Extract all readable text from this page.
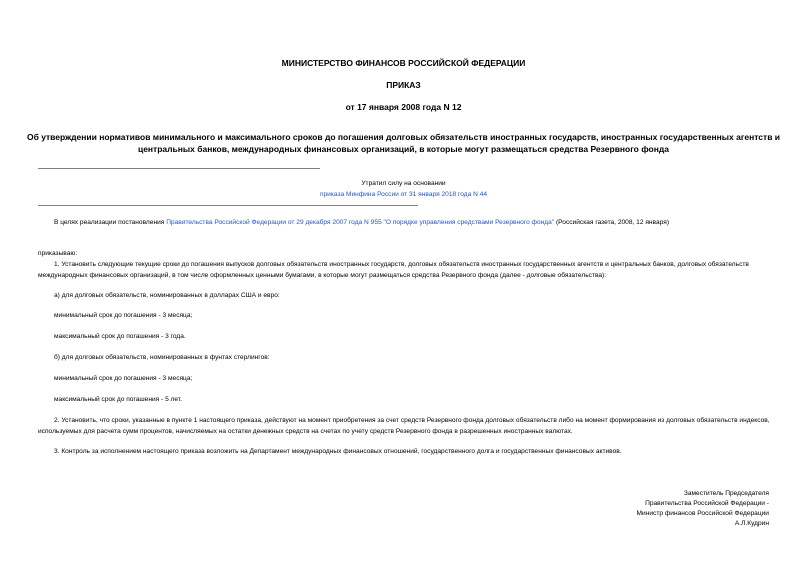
МИНИСТЕРСТВО ФИНАНСОВ РОССИЙСКОЙ ФЕДЕРАЦИИ
ПРИКАЗ
от 17 января 2008 года N 12
Об утверждении нормативов минимального и максимального сроков до погашения долговых обязательств иностранных государств, иностранных государственных агентств и центральных банков, международных финансовых организаций, в которые могут размещаться средства Резервного фонда
Утратил силу на основании
приказа Минфина России от 31 января 2018 года N 44
В целях реализации постановления Правительства Российской Федерации от 29 декабря 2007 года N 955 "О порядке управления средствами Резервного фонда" (Российская газета, 2008, 12 января)
приказываю:
1. Установить следующие текущие сроки до погашения выпусков долговых обязательств иностранных государств, долговых обязательств иностранных государственных агентств и центральных банков, долговых обязательств международных финансовых организаций, в том числе оформленных ценными бумагами, в которые могут размещаться средства Резервного фонда (далее - долговые обязательства):
а) для долговых обязательств, номинированных в долларах США и евро:
минимальный срок до погашения - 3 месяца;
максимальный срок до погашения - 3 года.
б) для долговых обязательств, номинированных в фунтах стерлингов:
минимальный срок до погашения - 3 месяца;
максимальный срок до погашения - 5 лет.
2. Установить, что сроки, указанные в пункте 1 настоящего приказа, действуют на момент приобретения за счет средств Резервного фонда долговых обязательств либо на момент формирования из долговых обязательств индексов, используемых для расчета сумм процентов, начисляемых на остатки денежных средств на счетах по учету средств Резервного фонда в разрешенных иностранных валютах.
3. Контроль за исполнением настоящего приказа возложить на Департамент международных финансовых отношений, государственного долга и государственных финансовых активов.
Заместитель Председателя
Правительства Российской Федерации -
Министр финансов Российской Федерации
А.Л.Кудрин
